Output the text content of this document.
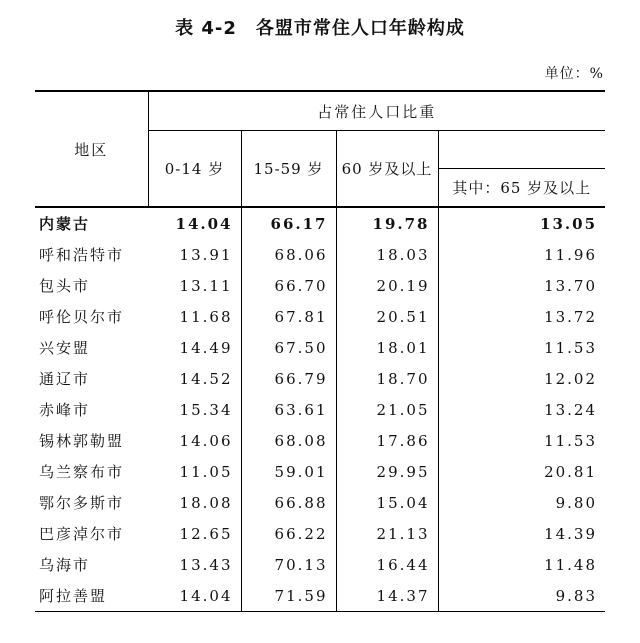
表 4-2　各盟市常住人口年龄构成
单位：%
地区	占常住人口比重			
	0-14 岁	15-59 岁	60 岁及以上	
				其中：65 岁及以上
内蒙古	14.04	66.17	19.78	13.05
呼和浩特市	13.91	68.06	18.03	11.96
包头市	13.11	66.70	20.19	13.70
呼伦贝尔市	11.68	67.81	20.51	13.72
兴安盟	14.49	67.50	18.01	11.53
通辽市	14.52	66.79	18.70	12.02
赤峰市	15.34	63.61	21.05	13.24
锡林郭勒盟	14.06	68.08	17.86	11.53
乌兰察布市	11.05	59.01	29.95	20.81
鄂尔多斯市	18.08	66.88	15.04	9.80
巴彦淖尔市	12.65	66.22	21.13	14.39
乌海市	13.43	70.13	16.44	11.48
阿拉善盟	14.04	71.59	14.37	9.83
